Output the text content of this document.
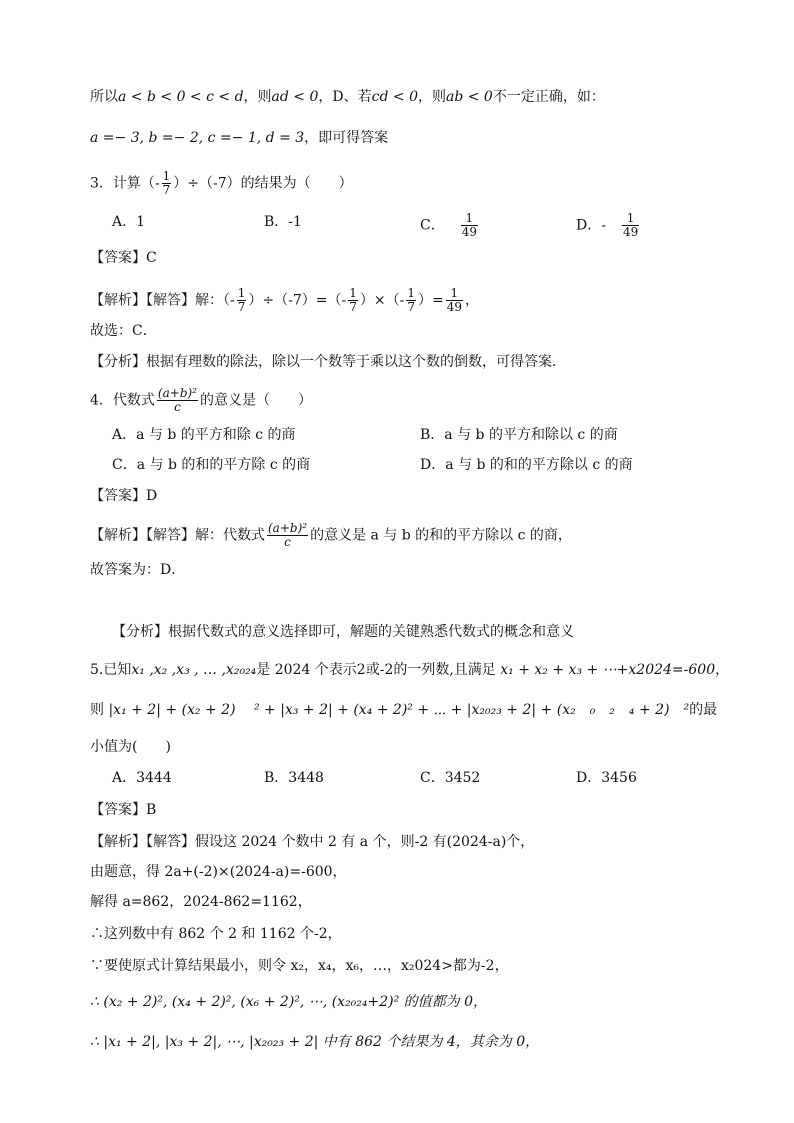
所以a < b < 0 < c < d，则ad < 0，D、若cd < 0，则ab < 0不一定正确，如：
a =− 3, b =− 2, c =− 1, d = 3，即可得答案
3．计算（- $\frac{1}{7} )\div(-7)$的结果为（　　）
A．1	B．-1	C． $\frac{1}{49}$	D．- $\frac{1}{49}$
【答案】C
【解析】【解答】解：（- $\frac{1}{7} )\div(-7)=(- \frac{1}{7}$ ）×（- $\frac{1}{7}$ ）= $\frac{1}{49}$ ，
故选：C．
【分析】根据有理数的除法，除以一个数等于乘以这个数的倒数，可得答案．
4．代数式 $\frac{\text{(a+b)²}}{c}$ 的意义是（　　）
A．a 与 b 的平方和除 c 的商	B．a 与 b 的平方和除以 c 的商
C．a 与 b 的和的平方除 c 的商	D．a 与 b 的和的平方除以 c 的商
【答案】D
【解析】【解答】解：代数式 $\frac{\text{(a+b)²}}{c}$ 的意义是 a 与 b 的和的平方除以 c 的商，
故答案为：D．
【分析】根据代数式的意义选择即可，解题的关键熟悉代数式的概念和意义
5.已知x₁ ,x₂ ,x₃ , … ,x₂₀₂₄是 2024 个表示2或-2的一列数,且满足 x₁ + x₂ + x₃ + ⋯+x2024=-600，
则 |x₁ + 2| + (x₂ + 2)　 ² + |x₃ + 2| + (x₄ + 2)² + ⋯ + |x₂₀₂₃ + 2| + (x₂　₀　₂　₄ + 2)　²的最
小值为(　　)
A．3444	B．3448	C．3452	D．3456
【答案】B
【解析】【解答】假设这 2024 个数中 2 有 a 个，则-2 有(2024-a)个，
由题意，得 2a+(-2)×(2024-a)=-600，
解得 a=862，2024-862=1162，
∴这列数中有 862 个 2 和 1162 个-2，
∵要使原式计算结果最小，则令 x₂，x₄，x₆，…，x₂024>都为-2，
∴ (x₂ + 2)², (x₄ + 2)², (x₆ + 2)², ⋯, (x₂₀₂₄+2)² 的值都为 0，
∴ |x₁ + 2|, |x₃ + 2|, ⋯, |x₂₀₂₃ + 2| 中有 862 个结果为 4，其余为 0，
